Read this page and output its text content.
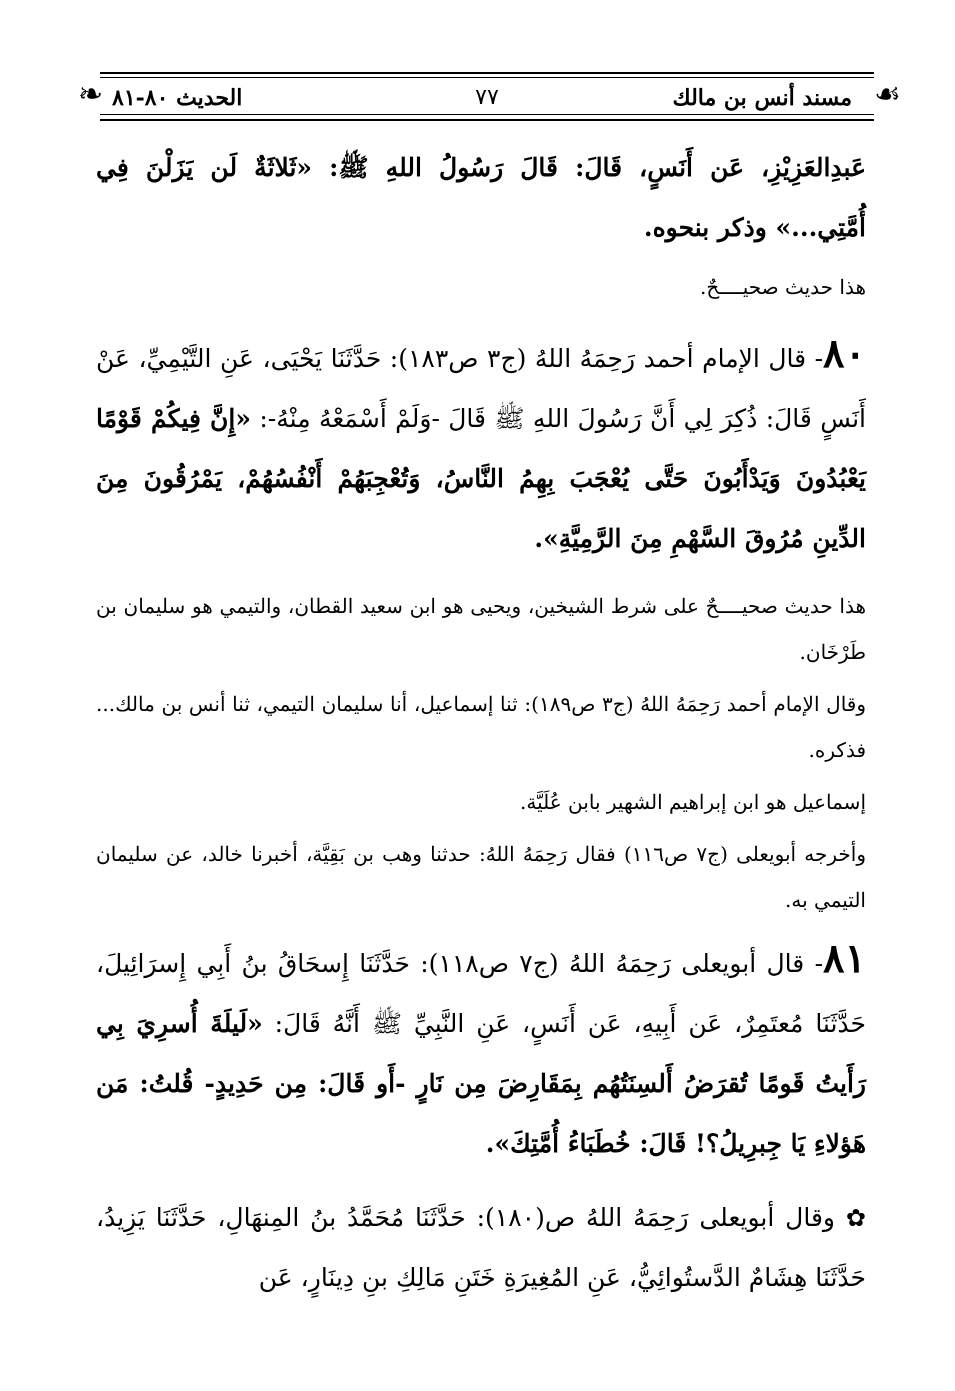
❧	☙
مسند أنس بن مالك
٧٧
الحديث ٨٠-٨١

عَبدِالعَزِيْزِ، عَن أَنَسٍ، قَالَ: قَالَ رَسُولُ اللهِ ﷺ: «ثَلاثَةٌ لَن يَزَلْنَ فِي أُمَّتِي...» وذكر بنحوه.

هذا حديث صحيــــحٌ.

٨٠- قال الإمام أحمد رَحِمَهُ اللهُ (ج٣ ص١٨٣): حَدَّثَنَا يَحْيَى، عَنِ التَّيْمِيِّ، عَنْ أَنَسٍ قَالَ: ذُكِرَ لِي أَنَّ رَسُولَ اللهِ ﷺ قَالَ -وَلَمْ أَسْمَعْهُ مِنْهُ-: «إِنَّ فِيكُمْ قَوْمًا يَعْبُدُونَ وَيَدْأَبُونَ حَتَّى يُعْجَبَ بِهِمُ النَّاسُ، وَتُعْجِبَهُمْ أَنْفُسُهُمْ، يَمْرُقُونَ مِنَ الدِّينِ مُرُوقَ السَّهْمِ مِنَ الرَّمِيَّةِ».

هذا حديث صحيــــحٌ على شرط الشيخين، ويحيى هو ابن سعيد القطان، والتيمي هو سليمان بن طَرْخَان.

وقال الإمام أحمد رَحِمَهُ اللهُ (ج٣ ص١٨٩): ثنا إسماعيل، أنا سليمان التيمي، ثنا أنس بن مالك... فذكره.

إسماعيل هو ابن إبراهيم الشهير بابن عُلَيَّة.

وأخرجه أبويعلى (ج٧ ص١١٦) فقال رَحِمَهُ اللهُ: حدثنا وهب بن بَقِيَّة، أخبرنا خالد، عن سليمان التيمي به.

٨١- قال أبويعلى رَحِمَهُ اللهُ (ج٧ ص١١٨): حَدَّثَنَا إِسحَاقُ بنُ أَبِي إِسرَائِيلَ، حَدَّثَنَا مُعتَمِرٌ، عَن أَبِيهِ، عَن أَنَسٍ، عَنِ النَّبِيِّ ﷺ أَنَّهُ قَالَ: «لَيلَةَ أُسرِيَ بِي رَأَيتُ قَومًا تُقرَضُ أَلسِنَتُهُم بِمَقَارِضَ مِن نَارٍ -أَو قَالَ: مِن حَدِيدٍ- قُلتُ: مَن هَؤلاءِ يَا جِبرِيلُ؟! قَالَ: خُطَبَاءُ أُمَّتِكَ».

✿ وقال أبويعلى رَحِمَهُ اللهُ ص(١٨٠): حَدَّثَنَا مُحَمَّدُ بنُ المِنهَالِ، حَدَّثَنَا يَزِيدُ، حَدَّثَنَا هِشَامٌ الدَّستُوائِيُّ، عَنِ المُغِيرَةِ خَتَنِ مَالِكِ بنِ دِينَارٍ، عَن
